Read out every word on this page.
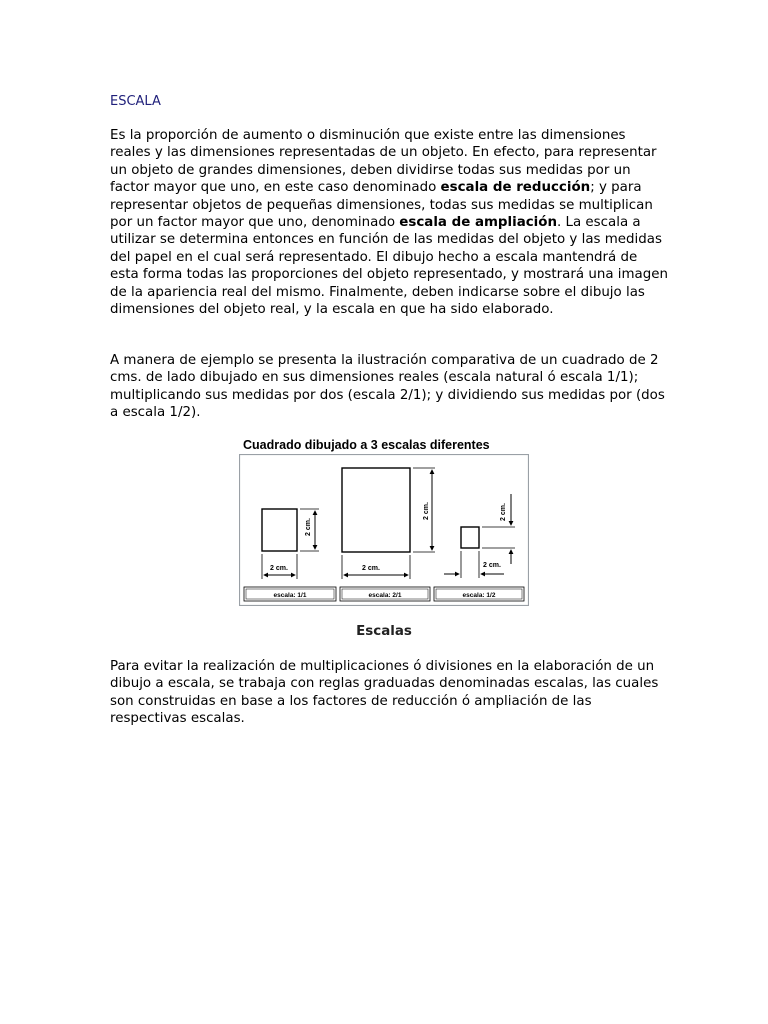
ESCALA

Es la proporción de aumento o disminución que existe entre las dimensiones reales y las dimensiones representadas de un objeto. En efecto, para representar un objeto de grandes dimensiones, deben dividirse todas sus medidas por un factor mayor que uno, en este caso denominado escala de reducción; y para representar objetos de pequeñas dimensiones, todas sus medidas se multiplican por un factor mayor que uno, denominado escala de ampliación. La escala a utilizar se determina entonces en función de las medidas del objeto y las medidas del papel en el cual será representado. El dibujo hecho a escala mantendrá de esta forma todas las proporciones del objeto representado, y mostrará una imagen de la apariencia real del mismo. Finalmente, deben indicarse sobre el dibujo las dimensiones del objeto real, y la escala en que ha sido elaborado.

A manera de ejemplo se presenta la ilustración comparativa de un cuadrado de 2 cms. de lado dibujado en sus dimensiones reales (escala natural ó escala 1/1); multiplicando sus medidas por dos (escala 2/1); y dividiendo sus medidas por (dos a escala 1/2).

Cuadrado dibujado a 3 escalas diferentes
2 cm.
2 cm.
2 cm.
2 cm.
2 cm.
2 cm.
escala: 1/1	escala: 2/1	escala: 1/2
Escalas

Para evitar la realización de multiplicaciones ó divisiones en la elaboración de un dibujo a escala, se trabaja con reglas graduadas denominadas escalas, las cuales son construidas en base a los factores de reducción ó ampliación de las respectivas escalas.
